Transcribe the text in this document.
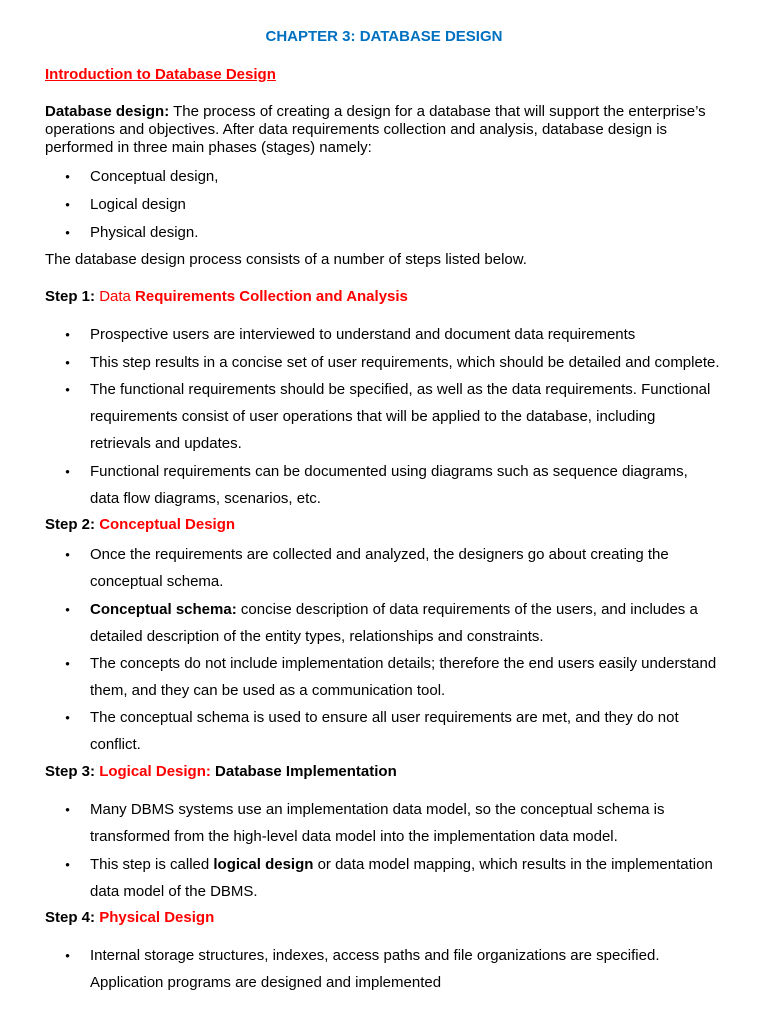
CHAPTER 3: DATABASE DESIGN
Introduction to Database Design

Database design: The process of creating a design for a database that will support the enterprise’s

operations and objectives. After data requirements collection and analysis, database design is

performed in three main phases (stages) namely:

• Conceptual design,
• Logical design
• Physical design.

The database design process consists of a number of steps listed below.

Step 1: Data Requirements Collection and Analysis
• Prospective users are interviewed to understand and document data requirements
• This step results in a concise set of user requirements, which should be detailed and complete.
• The functional requirements should be specified, as well as the data requirements. Functional
requirements consist of user operations that will be applied to the database, including
retrievals and updates.
• Functional requirements can be documented using diagrams such as sequence diagrams,
data flow diagrams, scenarios, etc.
Step 2: Conceptual Design
• Once the requirements are collected and analyzed, the designers go about creating the
conceptual schema.
• Conceptual schema: concise description of data requirements of the users, and includes a
detailed description of the entity types, relationships and constraints.
• The concepts do not include implementation details; therefore the end users easily understand
them, and they can be used as a communication tool.
• The conceptual schema is used to ensure all user requirements are met, and they do not
conflict.
Step 3: Logical Design: Database Implementation
• Many DBMS systems use an implementation data model, so the conceptual schema is
transformed from the high-level data model into the implementation data model.
• This step is called logical design or data model mapping, which results in the implementation
data model of the DBMS.
Step 4: Physical Design
• Internal storage structures, indexes, access paths and file organizations are specified.
Application programs are designed and implemented
